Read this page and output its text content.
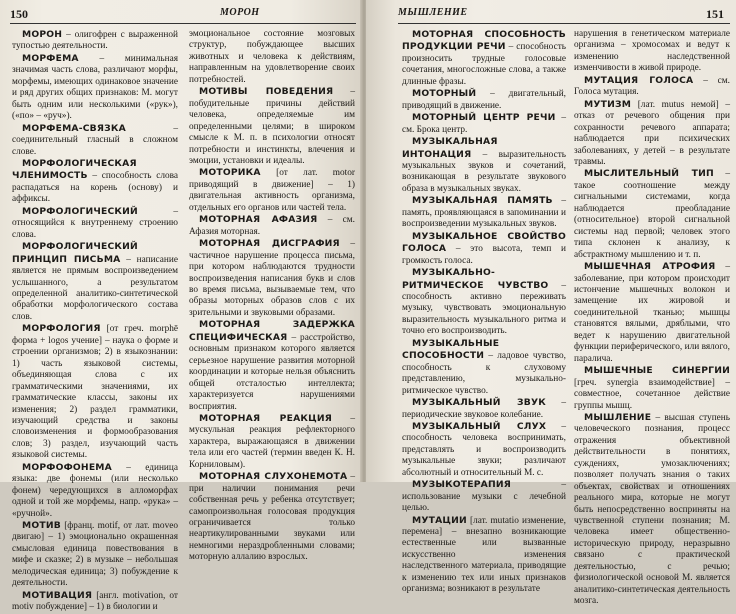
150	МОРОН

МОРОН – олигофрен с выраженной тупостью деятельности.

МОРФЕМА – минимальная значимая часть слова, различают морфы, морфемы, имеющих одинаковое значение и ряд других общих признаков: М. могут быть одним или несколькими («рук»), («по» – «руч»).

МОРФЕМА-СВЯЗКА	– соединительный гласный в сложном слове.

МОРФОЛОГИЧЕСКАЯ ЧЛЕНИМОСТЬ – способность слова распадаться на корень (основу) и аффиксы.

МОРФОЛОГИЧЕСКИЙ	– относящийся к внутреннему строению слова.

МОРФОЛОГИЧЕСКИЙ ПРИНЦИП ПИСЬМА – написание является не прямым воспроизведением услышанного, а результатом определенной аналитико-синтетической обработки морфологического состава слов.

МОРФОЛОГИЯ [от греч. morphē форма + logos учение] – наука о форме и строении организмов; 2) в языкознании: 1) часть языковой системы, объединяющая слова с их грамматическими значениями, их грамматические классы, законы их изменения; 2) раздел грамматики, изучающий средства и законы словоизменения и формообразования слов; 3) раздел, изучающий часть языковой системы.

МОРФОФОНЕМА – единица языка: две фонемы (или несколько фонем) чередующихся в алломорфах одной и той же морфемы, напр. «рука» – «ручной».

МОТИВ [франц. motif, от лат. moveo двигаю] – 1) эмоционально окрашенная смысловая единица повествования в мифе и сказке; 2) в музыке – небольшая мелодическая единица; 3) побуждение к деятельности.

МОТИВАЦИЯ [англ. motivation, от motiv побуждение] – 1) в биологии и

эмоциональное состояние мозговых структур, побуждающее высших животных и человека к действиям, направленным на удовлетворение своих потребностей.

МОТИВЫ ПОВЕДЕНИЯ – побудительные причины действий человека, определяемые им определенными целями; в широком смысле к М. п. в психологии относят потребности и инстинкты, влечения и эмоции, установки и идеалы.

МОТОРИКА [от лат. motor приводящий в движение] – 1) двигательная активность организма, отдельных его органов или частей тела.

МОТОРНАЯ АФАЗИЯ – см. Афазия моторная.

МОТОРНАЯ ДИСГРАФИЯ – частичное нарушение процесса письма, при котором наблюдаются трудности воспроизведения написания букв и слов во время письма, вызываемые тем, что образы моторных образов слов с их зрительными и звуковыми образами.

МОТОРНАЯ ЗАДЕРЖКА СПЕЦИФИЧЕСКАЯ – расстройство, основным признаком которого является серьезное нарушение развития моторной координации и которые нельзя объяснить общей отсталостью интеллекта; характеризуется нарушениями восприятия.

МОТОРНАЯ РЕАКЦИЯ – мускульная реакция рефлекторного характера, выражающаяся в движении тела или его частей (термин введен К. Н. Корниловым).

МОТОРНАЯ СЛУХОНЕМОТА – при наличии понимания речи собственная речь у ребенка отсутствует; самопроизвольная голосовая продукция ограничивается только неартикулированными звуками или немногими нераздробленными словами; моторную аллалию взрослых.

МЫШЛЕНИЕ	151

МОТОРНАЯ СПОСОБНОСТЬ ПРОДУКЦИИ РЕЧИ – способность произносить трудные голосовые сочетания, многосложные слова, а также длинные фразы.

МОТОРНЫЙ – двигательный, приводящий в движение.

МОТОРНЫЙ ЦЕНТР РЕЧИ – см. Брока центр.

МУЗЫКАЛЬНАЯ ИНТОНАЦИЯ – выразительность музыкальных звуков и сочетаний, возникающая в результате звукового образа в музыкальных звуках.

МУЗЫКАЛЬНАЯ ПАМЯТЬ – память, проявляющаяся в запоминании и воспроизведении музыкальных звуков.

МУЗЫКАЛЬНОЕ СВОЙСТВО ГОЛОСА – это высота, темп и громкость голоса.

МУЗЫКАЛЬНО-РИТМИЧЕСКОЕ ЧУВСТВО – способность активно переживать музыку, чувствовать эмоциональную выразительность музыкального ритма и точно его воспроизводить.

МУЗЫКАЛЬНЫЕ СПОСОБНОСТИ – ладовое чувство, способность к слуховому представлению, музыкально-ритмическое чувство.

МУЗЫКАЛЬНЫЙ ЗВУК – периодические звуковое колебание.

МУЗЫКАЛЬНЫЙ СЛУХ – способность человека воспринимать, представлять и воспроизводить музыкальные звуки; различают абсолютный и относительный М. с.

МУЗЫКОТЕРАПИЯ	– использование музыки с лечебной целью.

МУТАЦИИ [лат. mutatio изменение, перемена] – внезапно возникающие естественные или вызванные искусственно изменения наследственного материала, приводящие к изменению тех или иных признаков организма; возникают в результате

нарушения в генетическом материале организма – хромосомах и ведут к изменению наследственной изменчивости в живой природе.

МУТАЦИЯ ГОЛОСА – см. Голоса мутация.

МУТИЗМ [лат. mutus немой] – отказ от речевого общения при сохранности речевого аппарата; наблюдается при психических заболеваниях, у детей – в результате травмы.

МЫСЛИТЕЛЬНЫЙ ТИП – такое соотношение между сигнальными системами, когда наблюдается преобладание (относительное) второй сигнальной системы над первой; человек этого типа склонен к анализу, к абстрактному мышлению и т. п.

МЫШЕЧНАЯ АТРОФИЯ – заболевание, при котором происходит истончение мышечных волокон и замещение их жировой и соединительной тканью; мышцы становятся вялыми, дряблыми, что ведет к нарушению двигательной функции периферического, или вялого, паралича.

МЫШЕЧНЫЕ СИНЕРГИИ [греч. synergia взаимодействие] – совместное, сочетанное действие группы мышц.

МЫШЛЕНИЕ – высшая ступень человеческого познания, процесс отражения объективной действительности в понятиях, суждениях, умозаключениях; позволяет получать знания о таких объектах, свойствах и отношениях реального мира, которые не могут быть непосредственно восприняты на чувственной ступени познания; М. человека имеет общественно-историческую природу, неразрывно связано с практической деятельностью, с речью; физиологической основой М. является аналитико-синтетическая деятельность мозга.
